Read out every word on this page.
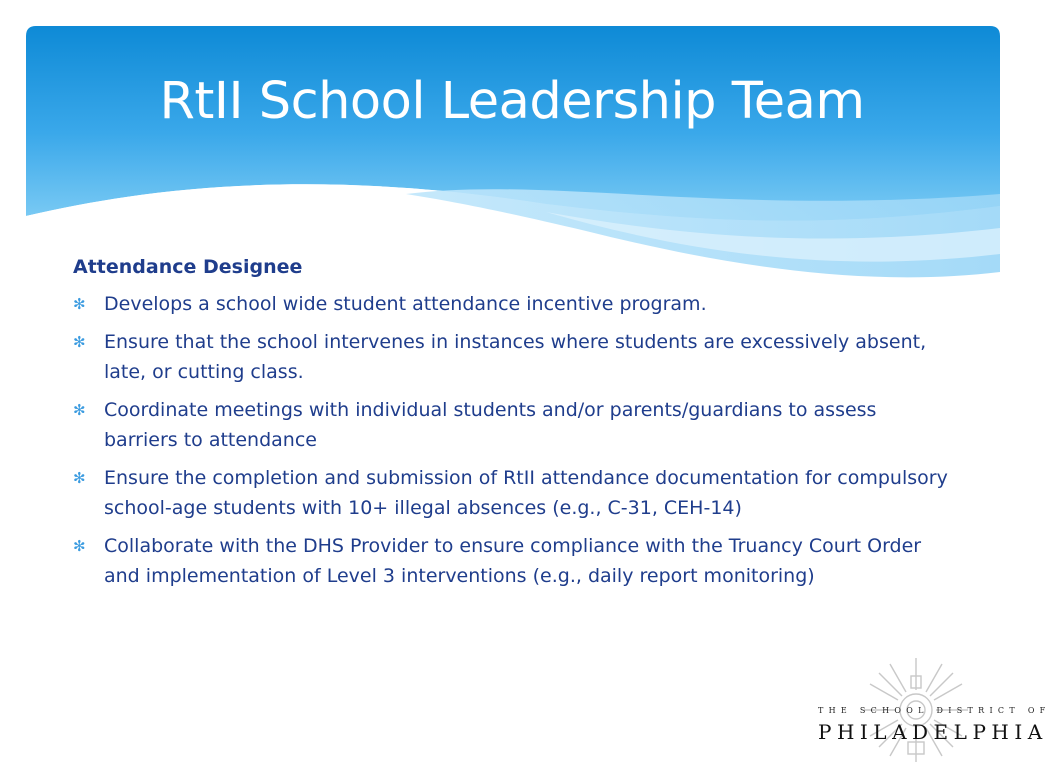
RtII School Leadership Team
Attendance Designee
✻ Develops a school wide student attendance incentive program.
✻ Ensure that the school intervenes in instances where students are excessively absent, late, or cutting class.
✻ Coordinate meetings with individual students and/or parents/guardians to assess barriers to attendance
✻ Ensure the completion and submission of RtII attendance documentation for compulsory school-age students with 10+ illegal absences (e.g., C-31, CEH-14)
✻ Collaborate with the DHS Provider to ensure compliance with the Truancy Court Order and implementation of Level 3 interventions (e.g., daily report monitoring)
THE SCHOOL DISTRICT OF
PHILADELPHIA
